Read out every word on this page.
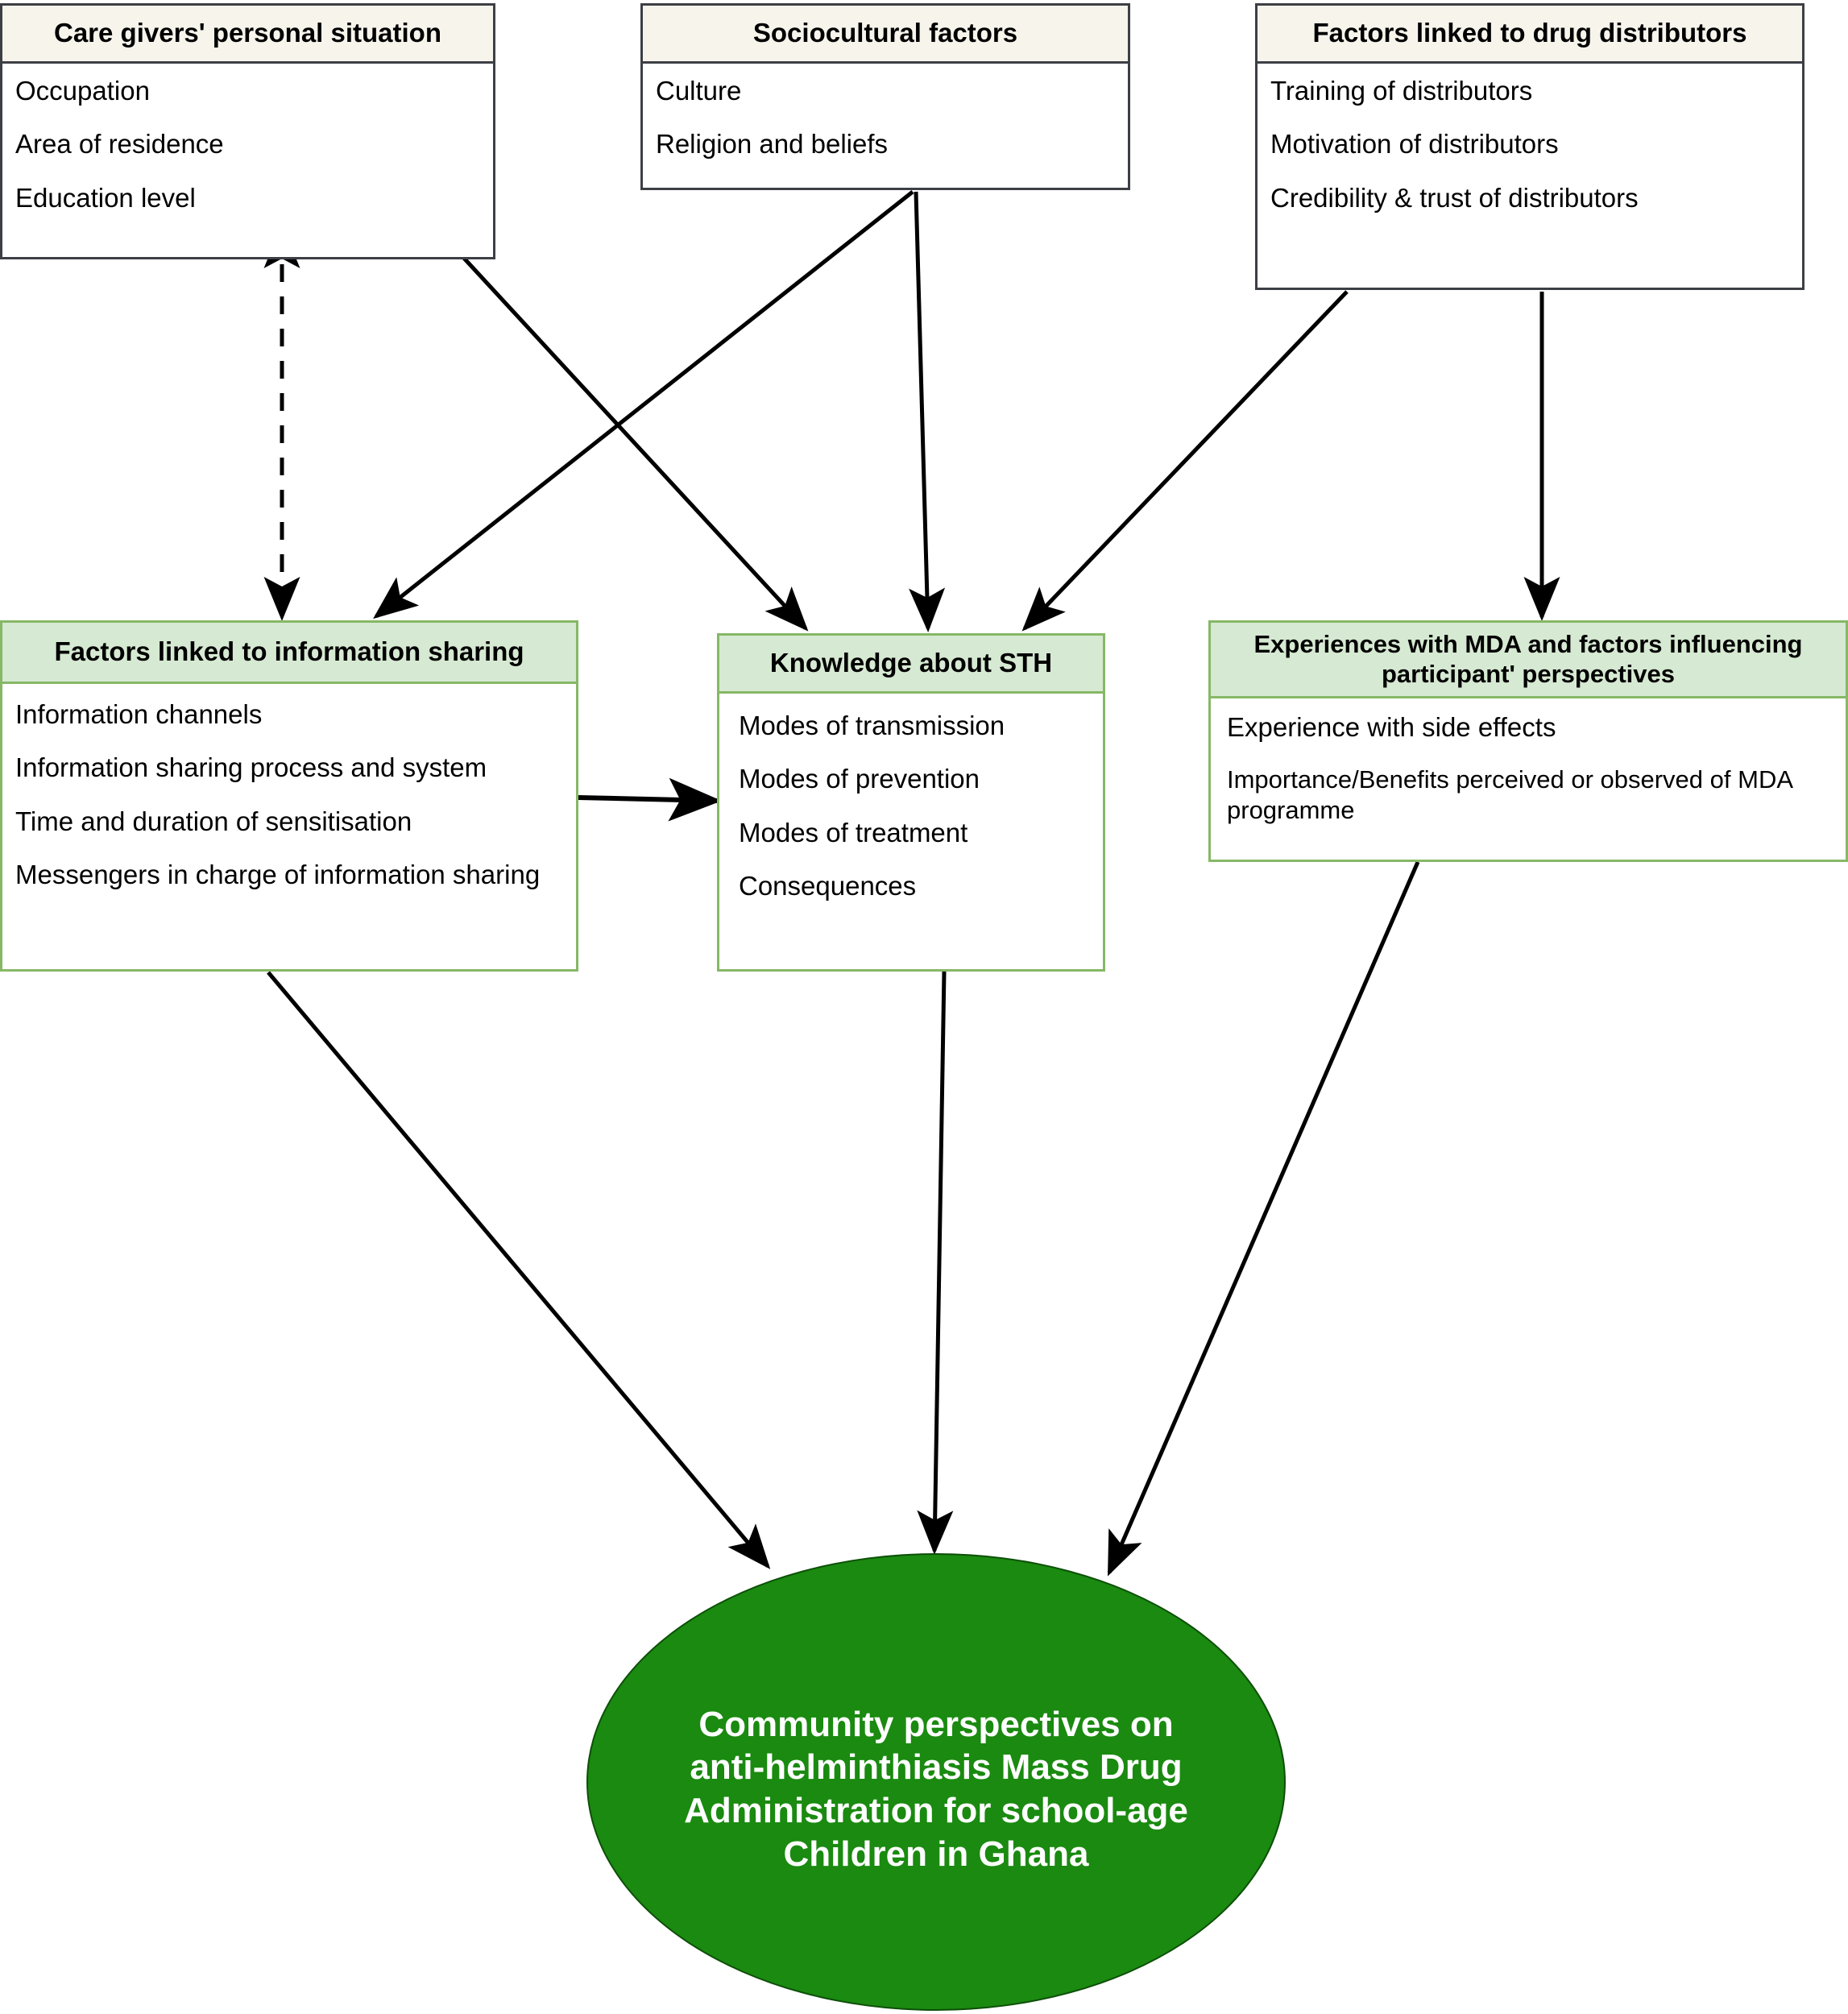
Care givers' personal situation
Occupation
Area of residence
Education level
Sociocultural factors
Culture
Religion and beliefs
Factors linked to drug distributors
Training of distributors
Motivation of distributors
Credibility & trust of distributors
Factors linked to information sharing
Information channels
Information sharing process and system
Time and duration of sensitisation
Messengers in charge of information sharing
Knowledge about STH
Modes of transmission
Modes of prevention
Modes of treatment
Consequences
Experiences with MDA and factors influencing participant' perspectives
Experience with side effects
Importance/Benefits perceived or observed of MDA programme
Community perspectives on anti-helminthiasis Mass Drug Administration for school-age Children in Ghana
